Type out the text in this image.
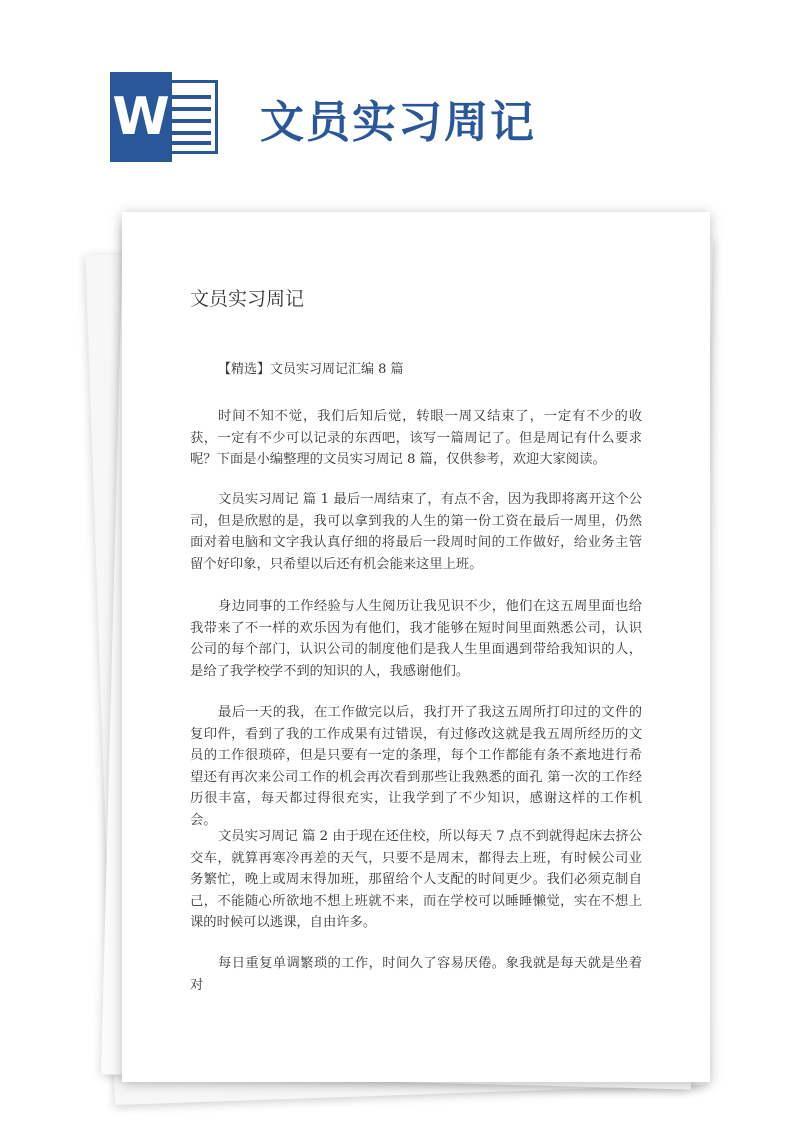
W 文员实习周记
文员实习周记
【精选】文员实习周记汇编 8 篇

时间不知不觉，我们后知后觉，转眼一周又结束了，一定有不少的收获，一定有不少可以记录的东西吧，该写一篇周记了。但是周记有什么要求呢？下面是小编整理的文员实习周记 8 篇，仅供参考，欢迎大家阅读。

文员实习周记 篇 1 最后一周结束了，有点不舍，因为我即将离开这个公司，但是欣慰的是，我可以拿到我的人生的第一份工资在最后一周里，仍然面对着电脑和文字我认真仔细的将最后一段周时间的工作做好，给业务主管留个好印象，只希望以后还有机会能来这里上班。

身边同事的工作经验与人生阅历让我见识不少，他们在这五周里面也给我带来了不一样的欢乐因为有他们，我才能够在短时间里面熟悉公司，认识公司的每个部门，认识公司的制度他们是我人生里面遇到带给我知识的人，是给了我学校学不到的知识的人，我感谢他们。

最后一天的我，在工作做完以后，我打开了我这五周所打印过的文件的复印件，看到了我的工作成果有过错误，有过修改这就是我五周所经历的文员的工作很琐碎，但是只要有一定的条理，每个工作都能有条不紊地进行希望还有再次来公司工作的机会再次看到那些让我熟悉的面孔 第一次的工作经历很丰富，每天都过得很充实，让我学到了不少知识，感谢这样的工作机会。

文员实习周记 篇 2 由于现在还住校，所以每天 7 点不到就得起床去挤公交车，就算再寒冷再差的天气，只要不是周末，都得去上班，有时候公司业务繁忙，晚上或周末得加班，那留给个人支配的时间更少。我们必须克制自己，不能随心所欲地不想上班就不来，而在学校可以睡睡懒觉，实在不想上课的时候可以逃课，自由许多。

每日重复单调繁琐的工作，时间久了容易厌倦。象我就是每天就是坐着对
